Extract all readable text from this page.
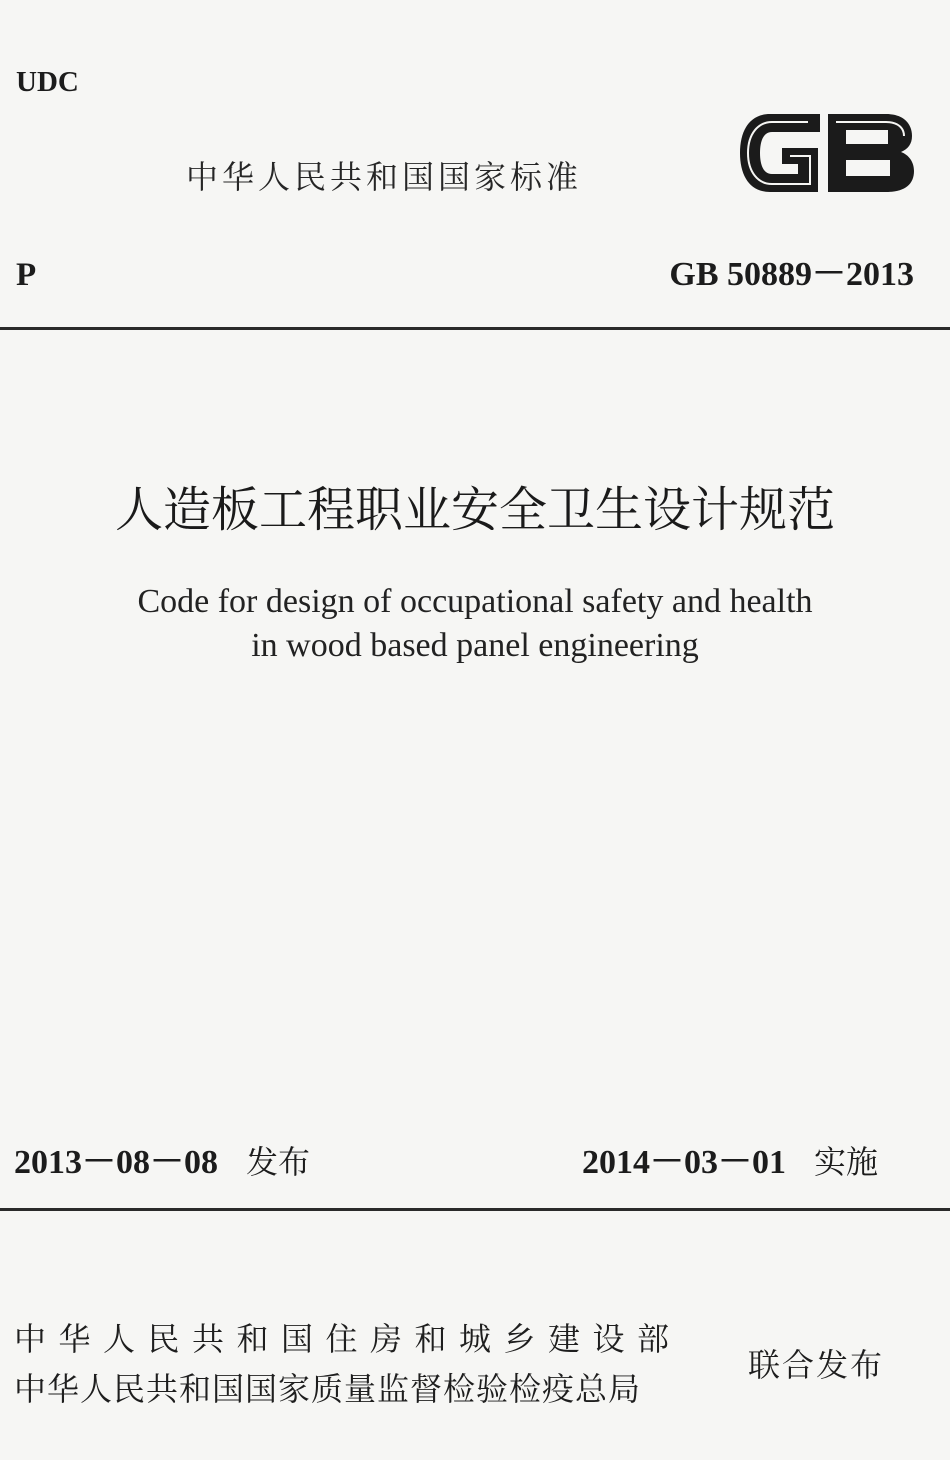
UDC
中华人民共和国国家标准
P	GB 50889－2013
人造板工程职业安全卫生设计规范
Code for design of occupational safety and health
in wood based panel engineering
2013－08－08 发布	2014－03－01 实施
中华人民共和国住房和城乡建设部
中华人民共和国国家质量监督检验检疫总局
联合发布
